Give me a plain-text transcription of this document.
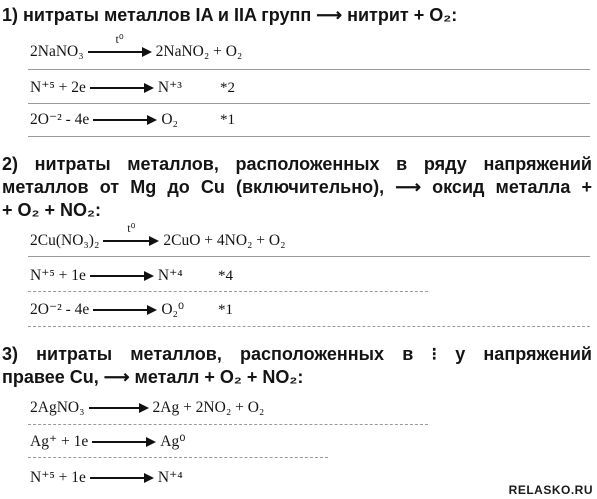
1) нитраты металлов IA и IIA групп ⟶ нитрит + O₂:
2NaNO₃
t⁰
2NaNO₂ + O₂
N⁺⁵ + 2e	N⁺³	*2
2O⁻² - 4e	O₂	*1
2) нитраты металлов, расположенных в ряду напряжений
металлов от Mg до Cu (включительно), ⟶ оксид металла +
+ O₂ + NO₂:
2Cu(NO₃)₂
t⁰
2CuO + 4NO₂ + O₂
N⁺⁵ + 1e	N⁺⁴ *4
2O⁻² - 4e	O₂⁰ *1
3) нитраты металлов, расположенных в ⁝ у напряжений
правее Cu, ⟶ металл + O₂ + NO₂:
2AgNO₃ → 2Ag + 2NO₂ + O₂
Ag⁺ + 1e	Ag⁰
N⁺⁵ + 1e	N⁺⁴
RELASKO.RU
